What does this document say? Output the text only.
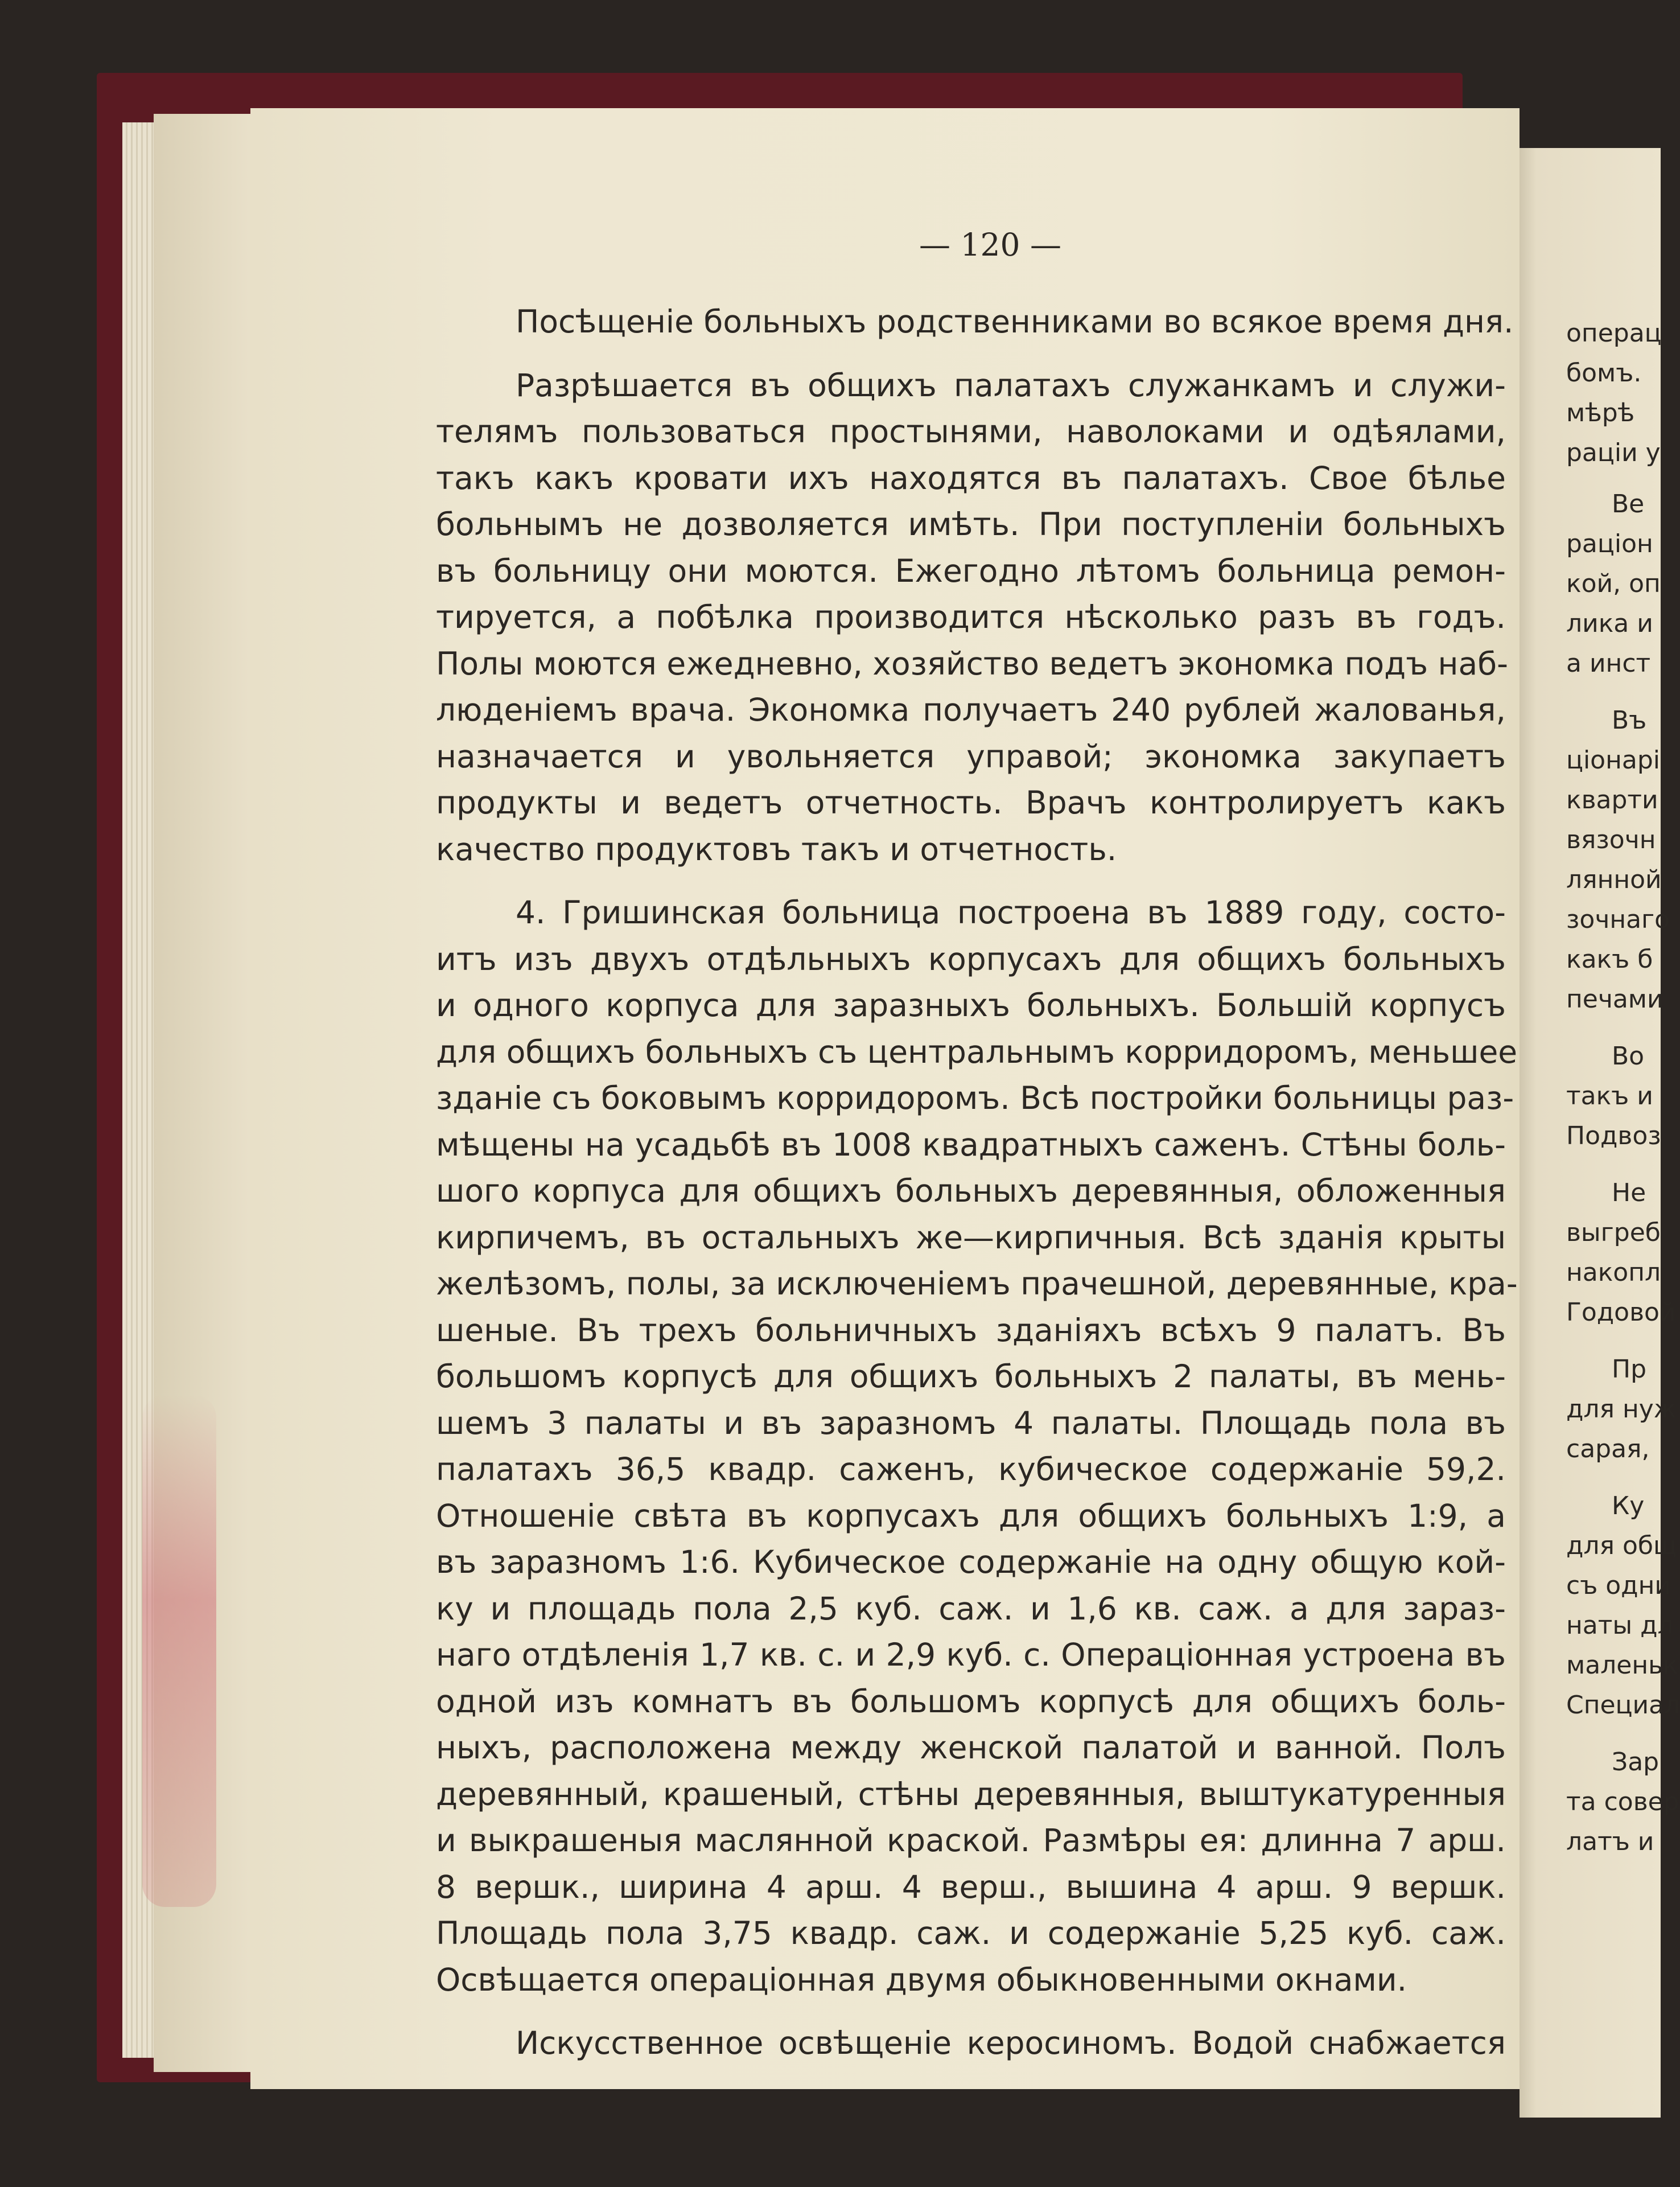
— 120 —
Посѣщеніе больныхъ родственниками во всякое время дня.
Разрѣшается въ общихъ палатахъ служанкамъ и служи-
телямъ пользоваться простынями, наволоками и одѣялами,
такъ какъ кровати ихъ находятся въ палатахъ. Свое бѣлье
больнымъ не дозволяется имѣть. При поступленіи больныхъ
въ больницу они моются. Ежегодно лѣтомъ больница ремон-
тируется, а побѣлка производится нѣсколько разъ въ годъ.
Полы моются ежедневно, хозяйство ведетъ экономка подъ наб-
люденіемъ врача. Экономка получаетъ 240 рублей жалованья,
назначается и увольняется управой; экономка закупаетъ
продукты и ведетъ отчетность. Врачъ контролируетъ какъ
качество продуктовъ такъ и отчетность.
4. Гришинская больница построена въ 1889 году, состо-
итъ изъ двухъ отдѣльныхъ корпусахъ для общихъ больныхъ
и одного корпуса для заразныхъ больныхъ. Большій корпусъ
для общихъ больныхъ съ центральнымъ корридоромъ, меньшее
зданіе съ боковымъ корридоромъ. Всѣ постройки больницы раз-
мѣщены на усадьбѣ въ 1008 квадратныхъ саженъ. Стѣны боль-
шого корпуса для общихъ больныхъ деревянныя, обложенныя
кирпичемъ, въ остальныхъ же—кирпичныя. Всѣ зданія крыты
желѣзомъ, полы, за исключеніемъ прачешной, деревянные, кра-
шеные. Въ трехъ больничныхъ зданіяхъ всѣхъ 9 палатъ. Въ
большомъ корпусѣ для общихъ больныхъ 2 палаты, въ мень-
шемъ 3 палаты и въ заразномъ 4 палаты. Площадь пола въ
палатахъ 36,5 квадр. саженъ, кубическое содержаніе 59,2.
Отношеніе свѣта въ корпусахъ для общихъ больныхъ 1:9, а
въ заразномъ 1:6. Кубическое содержаніе на одну общую кой-
ку и площадь пола 2,5 куб. саж. и 1,6 кв. саж. а для зараз-
наго отдѣленія 1,7 кв. с. и 2,9 куб. с. Операціонная устроена въ
одной изъ комнатъ въ большомъ корпусѣ для общихъ боль-
ныхъ, расположена между женской палатой и ванной. Полъ
деревянный, крашеный, стѣны деревянныя, выштукатуренныя
и выкрашеныя маслянной краской. Размѣры ея: длинна 7 арш.
8 вершк., ширина 4 арш. 4 верш., вышина 4 арш. 9 вершк.
Площадь пола 3,75 квадр. саж. и содержаніе 5,25 куб. саж.
Освѣщается операціонная двумя обыкновенными окнами.
Искусственное освѣщеніе керосиномъ. Водой снабжается
операц
бомъ.
мѣрѣ
раціи у
Ве
раціон
кой, оп
лика и
а инст
Въ
ціонарі
кварти
вязочн
лянной
зочнаго
какъ б
печами
Во
такъ и
Подвоз
Не
выгреб
накопл
Годовой
Пр
для нуж
сарая,
Ку
для общ
съ одни
наты дл
маленьк
Специал
Зар
та совер
латъ и
